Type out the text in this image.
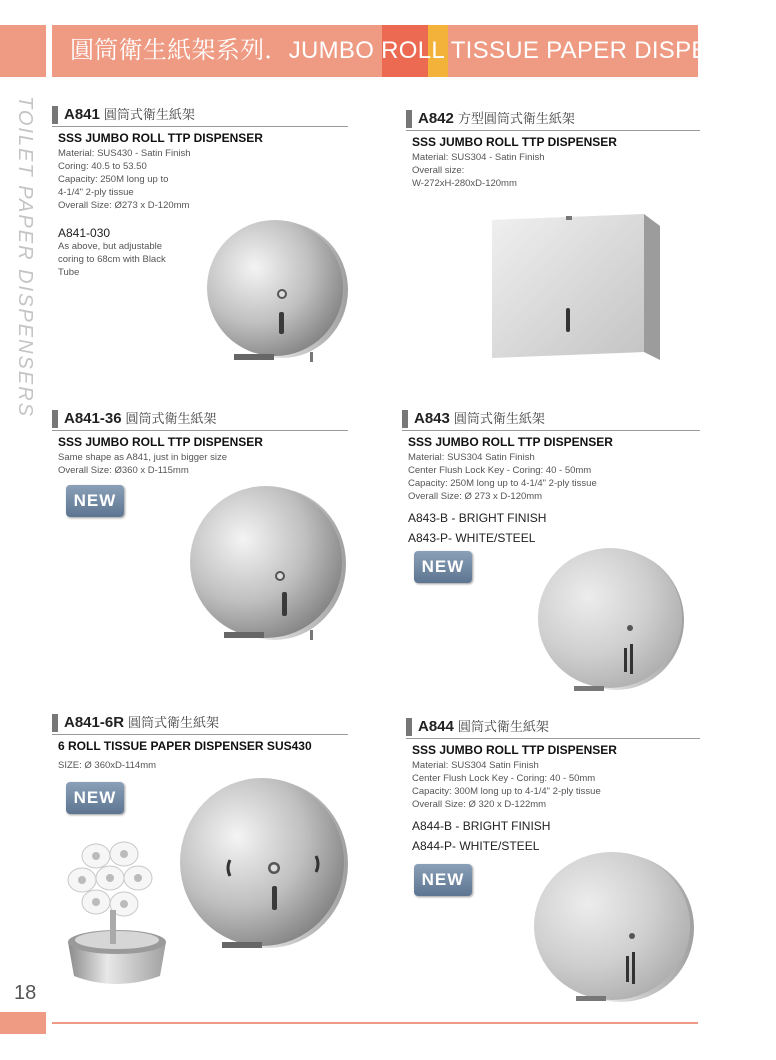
圓筒衛生紙架系列．JUMBO ROLL TISSUE PAPER DISPENSER
TOILET PAPER DISPENSERS A841 圓筒式衛生紙架
SSS JUMBO ROLL TTP DISPENSER
Material: SUS430 - Satin Finish
Coring: 40.5 to 53.50
Capacity: 250M long up to
4-1/4" 2-ply tissue
Overall Size: Ø273 x D-120mm
A841-030
As above, but adjustable
coring to 68cm with Black
Tube
A842 方型圓筒式衛生紙架
SSS JUMBO ROLL TTP DISPENSER
Material: SUS304 - Satin Finish
Overall size:
W-272xH-280xD-120mm
A841-36 圓筒式衛生紙架
SSS JUMBO ROLL TTP DISPENSER
Same shape as A841, just in bigger size
Overall Size: Ø360 x D-115mm
NEW
A843 圓筒式衛生紙架
SSS JUMBO ROLL TTP DISPENSER
Material: SUS304 Satin Finish
Center Flush Lock Key - Coring: 40 - 50mm
Capacity: 250M long up to 4-1/4" 2-ply tissue
Overall Size: Ø 273 x D-120mm
A843-B - BRIGHT FINISH
A843-P- WHITE/STEEL
NEW
A841-6R 圓筒式衛生紙架
6 ROLL TISSUE PAPER DISPENSER SUS430
SIZE: Ø 360xD-114mm
NEW
A844 圓筒式衛生紙架
SSS JUMBO ROLL TTP DISPENSER
Material: SUS304 Satin Finish
Center Flush Lock Key - Coring: 40 - 50mm
Capacity: 300M long up to 4-1/4" 2-ply tissue
Overall Size: Ø 320 x D-122mm
A844-B - BRIGHT FINISH
A844-P- WHITE/STEEL
NEW
18
